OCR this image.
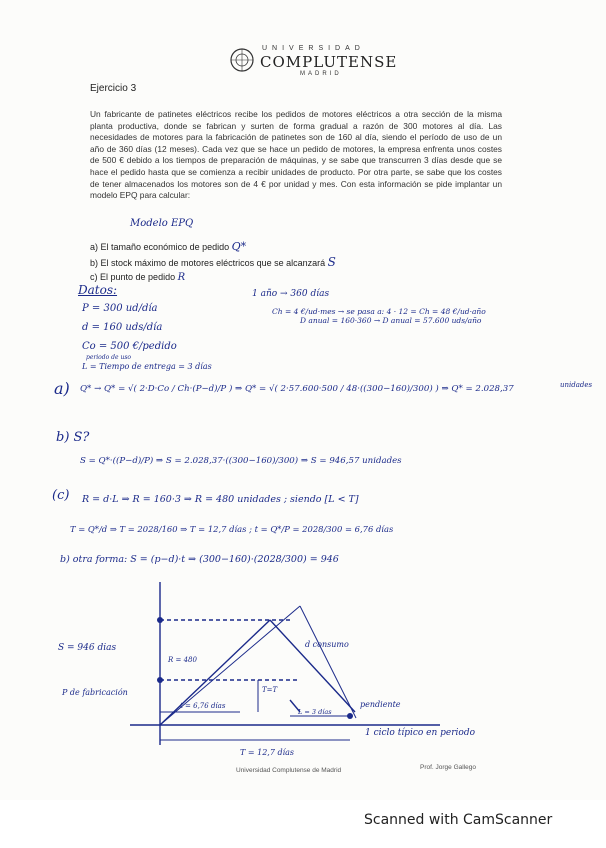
UNIVERSIDAD
COMPLUTENSE
MADRID
Ejercicio 3
Un fabricante de patinetes eléctricos recibe los pedidos de motores eléctricos a otra sección de la misma planta productiva, donde se fabrican y surten de forma gradual a razón de 300 motores al día. Las necesidades de motores para la fabricación de patinetes son de 160 al día, siendo el período de uso de un año de 360 días (12 meses). Cada vez que se hace un pedido de motores, la empresa enfrenta unos costes de 500 € debido a los tiempos de preparación de máquinas, y se sabe que transcurren 3 días desde que se hace el pedido hasta que se comienza a recibir unidades de producto. Por otra parte, se sabe que los costes de tener almacenados los motores son de 4 € por unidad y mes. Con esta información se pide implantar un modelo EPQ para calcular:
Modelo EPQ
a) El tamaño económico de pedido Q*
b) El stock máximo de motores eléctricos que se alcanzará S
c) El punto de pedido R
Datos:
P = 300 ud/día
d = 160 uds/día
Co = 500 €/pedido
periodo de uso
L = Tiempo de entrega = 3 días
1 año → 360 días
Ch = 4 €/ud·mes → se pasa a: 4 · 12 = Ch = 48 €/ud·año
D anual = 160·360 → D anual = 57.600 uds/año
a) Q* → Q* = √( 2·D·Co / Ch·(P−d)/P ) ⇒ Q* = √( 2·57.600·500 / 48·((300−160)/300) ) ⇒ Q* = 2.028,37	unidades
b) S?
S = Q*·((P−d)/P) ⇒ S = 2.028,37·((300−160)/300) ⇒ S = 946,57 unidades
(c) R = d·L ⇒ R = 160·3 ⇒ R = 480 unidades ; siendo [L < T]
T = Q*/d ⇒ T = 2028/160 ⇒ T = 12,7 días ; t = Q*/P = 2028/300 = 6,76 días
b) otra forma: S = (p−d)·t ⇒ (300−160)·(2028/300) = 946
S = 946 dias
P de fabricación
t = 6,76 días
T=T
L = 3 días
pendiente
R = 480
d consumo
T = 12,7 días
1 ciclo típico en periodo
Universidad Complutense de Madrid	Prof. Jorge Gallego
Scanned with CamScanner
